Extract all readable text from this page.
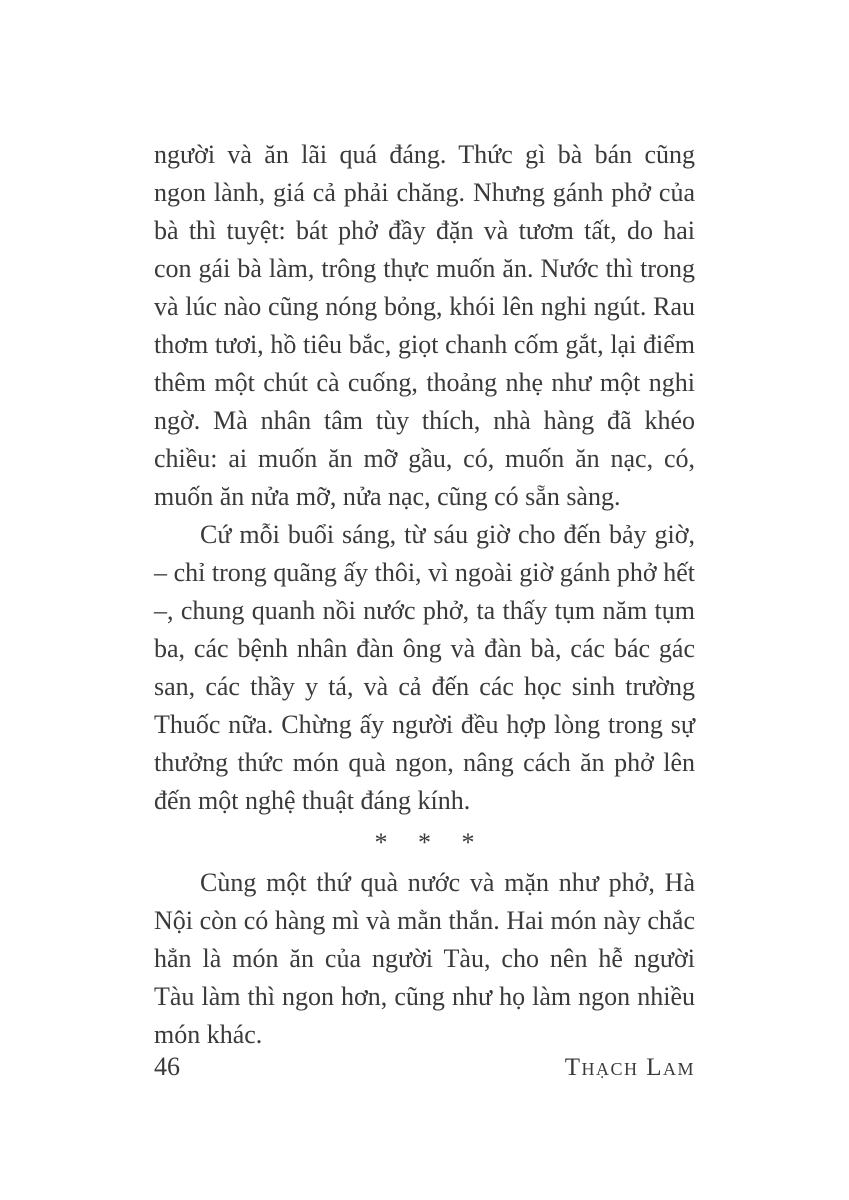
người và ăn lãi quá đáng. Thức gì bà bán cũng ngon lành, giá cả phải chăng. Nhưng gánh phở của bà thì tuyệt: bát phở đầy đặn và tươm tất, do hai con gái bà làm, trông thực muốn ăn. Nước thì trong và lúc nào cũng nóng bỏng, khói lên nghi ngút. Rau thơm tươi, hồ tiêu bắc, giọt chanh cốm gắt, lại điểm thêm một chút cà cuống, thoảng nhẹ như một nghi ngờ. Mà nhân tâm tùy thích, nhà hàng đã khéo chiều: ai muốn ăn mỡ gầu, có, muốn ăn nạc, có, muốn ăn nửa mỡ, nửa nạc, cũng có sẵn sàng.

Cứ mỗi buổi sáng, từ sáu giờ cho đến bảy giờ, – chỉ trong quãng ấy thôi, vì ngoài giờ gánh phở hết –, chung quanh nồi nước phở, ta thấy tụm năm tụm ba, các bệnh nhân đàn ông và đàn bà, các bác gác san, các thầy y tá, và cả đến các học sinh trường Thuốc nữa. Chừng ấy người đều hợp lòng trong sự thưởng thức món quà ngon, nâng cách ăn phở lên đến một nghệ thuật đáng kính.

* * *

Cùng một thứ quà nước và mặn như phở, Hà Nội còn có hàng mì và mằn thắn. Hai món này chắc hẳn là món ăn của người Tàu, cho nên hễ người Tàu làm thì ngon hơn, cũng như họ làm ngon nhiều món khác.

46	Thạch Lam
